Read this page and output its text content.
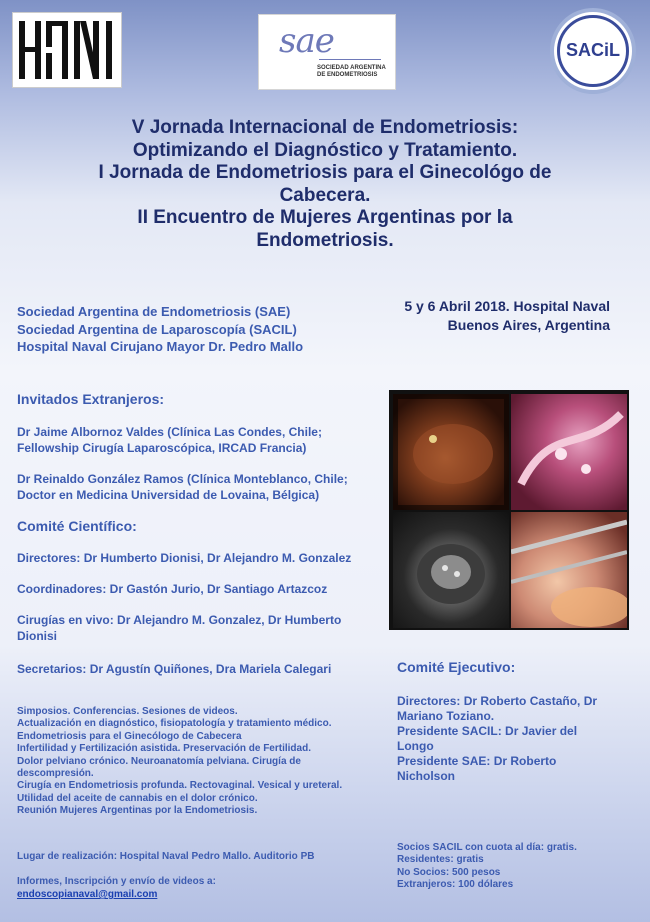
sae
SOCIEDAD ARGENTINA
DE ENDOMETRIOSIS
SACiL
V Jornada Internacional de Endometriosis:
Optimizando el Diagnóstico y Tratamiento.
I Jornada de Endometriosis para el Ginecológo de
Cabecera.
II Encuentro de Mujeres Argentinas por la
Endometriosis.
Sociedad Argentina de Endometriosis (SAE)
Sociedad Argentina de Laparoscopía (SACIL)
Hospital Naval Cirujano Mayor Dr. Pedro Mallo
5 y 6 Abril 2018. Hospital Naval
Buenos Aires, Argentina
Invitados Extranjeros:
Dr Jaime Albornoz Valdes (Clínica Las Condes, Chile;
Fellowship Cirugía Laparoscópica, IRCAD Francia)
Dr Reinaldo González Ramos (Clínica Monteblanco, Chile;
Doctor en Medicina Universidad de Lovaina, Bélgica)
Comité Científico:
Directores: Dr Humberto Dionisi, Dr Alejandro M. Gonzalez
Coordinadores: Dr Gastón Jurio, Dr Santiago Artazcoz
Cirugías en vivo: Dr Alejandro M. Gonzalez, Dr Humberto
Dionisi
Secretarios: Dr Agustín Quiñones, Dra Mariela Calegari
Simposios. Conferencias. Sesiones de videos.
Actualización en diagnóstico, fisiopatología y tratamiento médico.
Endometriosis para el Ginecólogo de Cabecera
Infertilidad y Fertilización asistida. Preservación de Fertilidad.
Dolor pelviano crónico. Neuroanatomía pelviana. Cirugía de
descompresión.
Cirugía en Endometriosis profunda. Rectovaginal. Vesical y ureteral.
Utilidad del aceite de cannabis en el dolor crónico.
Reunión Mujeres Argentinas por la Endometriosis.
Comité Ejecutivo:
Directores: Dr Roberto Castaño, Dr
Mariano Toziano.
Presidente SACIL: Dr Javier del
Longo
Presidente SAE: Dr Roberto
Nicholson
Lugar de realización: Hospital Naval Pedro Mallo. Auditorio PB
Informes, Inscripción y envío de videos a:
endoscopianaval@gmail.com
Socios SACIL con cuota al día: gratis.
Residentes: gratis
No Socios: 500 pesos
Extranjeros: 100 dólares
